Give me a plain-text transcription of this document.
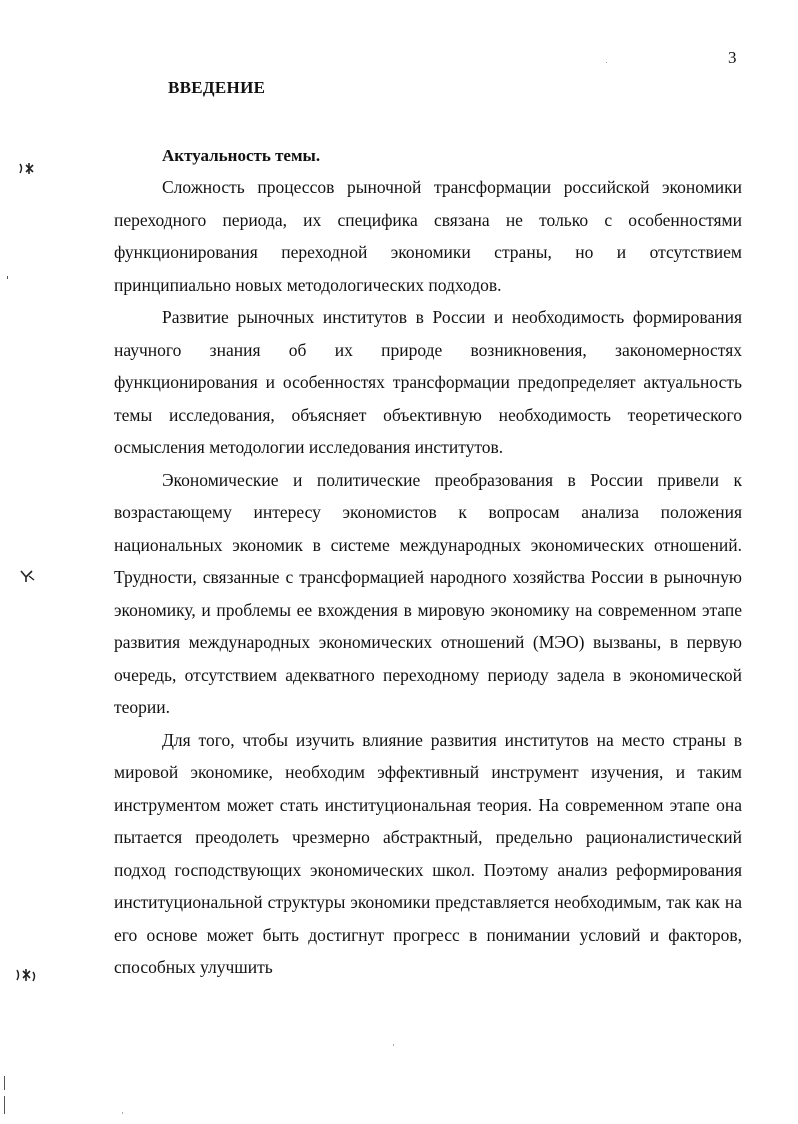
3
ВВЕДЕНИЕ
Актуальность темы.

Сложность процессов рыночной трансформации российской экономики переходного периода, их специфика связана не только с особенностями функционирования переходной экономики страны, но и отсутствием принципиально новых методологических подходов.

Развитие рыночных институтов в России и необходимость формирования научного знания об их природе возникновения, закономерностях функционирования и особенностях трансформации предопределяет актуальность темы исследования, объясняет объективную необходимость теоретического осмысления методологии исследования институтов.

Экономические и политические преобразования в России привели к возрастающему интересу экономистов к вопросам анализа положения национальных экономик в системе международных экономических отношений. Трудности, связанные с трансформацией народного хозяйства России в рыночную экономику, и проблемы ее вхождения в мировую экономику на современном этапе развития международных экономических отношений (МЭО) вызваны, в первую очередь, отсутствием адекватного переходному периоду задела в экономической теории.

Для того, чтобы изучить влияние развития институтов на место страны в мировой экономике, необходим эффективный инструмент изучения, и таким инструментом может стать институциональная теория. На современном этапе она пытается преодолеть чрезмерно абстрактный, предельно рационалистический подход господствующих экономических школ. Поэтому анализ реформирования институциональной структуры экономики представляется необходимым, так как на его основе может быть достигнут прогресс в понимании условий и факторов, способных улучшить
